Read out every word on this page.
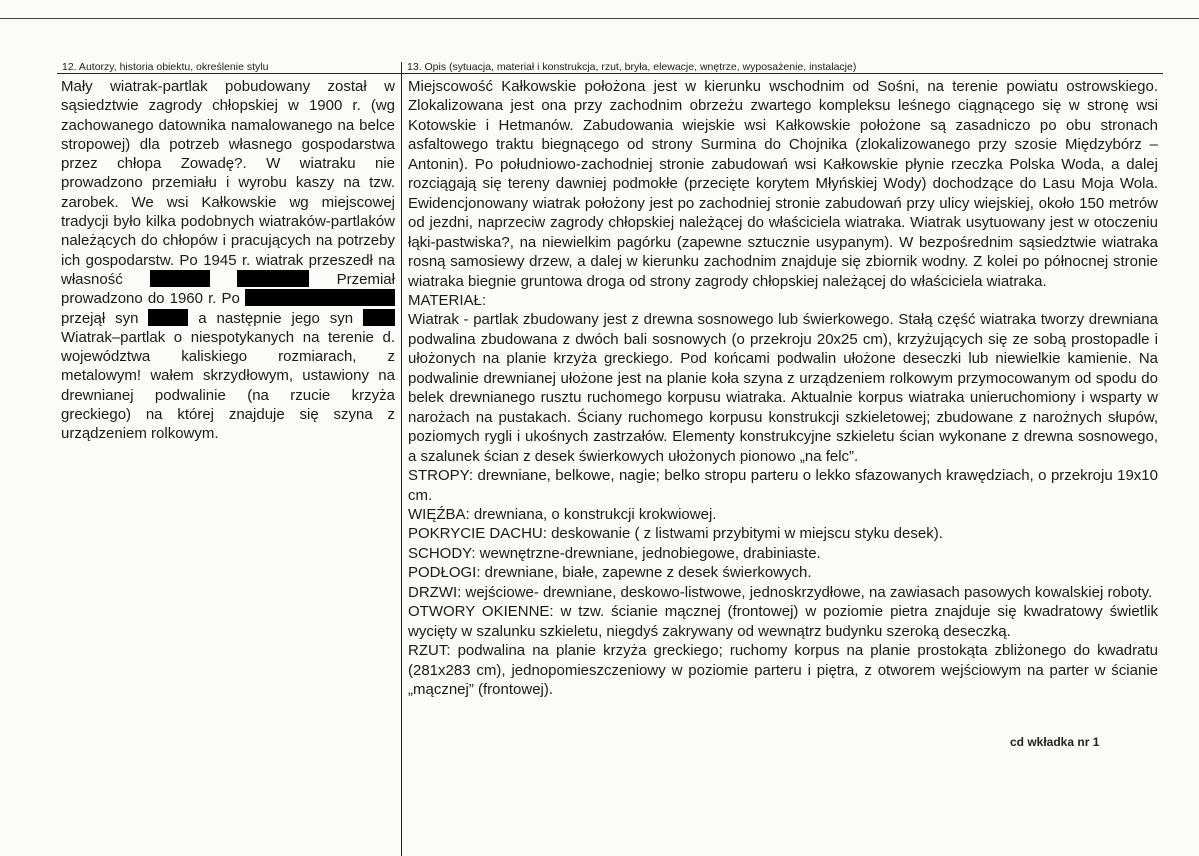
12. Autorzy, historia obiektu, określenie stylu	13. Opis (sytuacja, materiał i konstrukcja, rzut, bryła, elewacje, wnętrze, wyposażenie, instalacje)

Mały wiatrak-partlak pobudowany został w sąsiedztwie zagrody chłopskiej w 1900 r. (wg zachowanego datownika namalowanego na belce stropowej) dla potrzeb własnego gospodarstwa przez chłopa Zowadę?. W wiatraku nie prowadzono przemiału i wyrobu kaszy na tzw. zarobek. We wsi Kałkowskie wg miejscowej tradycji było kilka podobnych wiatraków-partlaków należących do chłopów i pracujących na potrzeby ich gospodarstw. Po 1945 r. wiatrak przeszedł na własność	Przemiał prowadzono do 1960 r. Po  przejął syn	a następnie jego syn  Wiatrak–partlak o niespotykanych na terenie d. województwa kaliskiego rozmiarach, z metalowym! wałem skrzydłowym, ustawiony na drewnianej podwalinie (na rzucie krzyża greckiego) na której znajduje się szyna z urządzeniem rolkowym.

Miejscowość Kałkowskie położona jest w kierunku wschodnim od Sośni, na terenie powiatu ostrowskiego. Zlokalizowana jest ona przy zachodnim obrzeżu zwartego kompleksu leśnego ciągnącego się w stronę wsi Kotowskie i Hetmanów. Zabudowania wiejskie wsi Kałkowskie położone są zasadniczo po obu stronach asfaltowego traktu biegnącego od strony Surmina do Chojnika (zlokalizowanego przy szosie Międzybórz – Antonin). Po południowo-zachodniej stronie zabudowań wsi Kałkowskie płynie rzeczka Polska Woda, a dalej rozciągają się tereny dawniej podmokłe (przecięte korytem Młyńskiej Wody) dochodzące do Lasu Moja Wola. Ewidencjonowany wiatrak położony jest po zachodniej stronie zabudowań przy ulicy wiejskiej, około 150 metrów od jezdni, naprzeciw zagrody chłopskiej należącej do właściciela wiatraka. Wiatrak usytuowany jest w otoczeniu łąki-pastwiska?, na niewielkim pagórku (zapewne sztucznie usypanym). W bezpośrednim sąsiedztwie wiatraka rosną samosiewy drzew, a dalej w kierunku zachodnim znajduje się zbiornik wodny. Z kolei po północnej stronie wiatraka biegnie gruntowa droga od strony zagrody chłopskiej należącej do właściciela wiatraka.

MATERIAŁ:

Wiatrak - partlak zbudowany jest z drewna sosnowego lub świerkowego. Stałą część wiatraka tworzy drewniana podwalina zbudowana z dwóch bali sosnowych (o przekroju 20x25 cm), krzyżujących się ze sobą prostopadle i ułożonych na planie krzyża greckiego. Pod końcami podwalin ułożone deseczki lub niewielkie kamienie. Na podwalinie drewnianej ułożone jest na planie koła szyna z urządzeniem rolkowym przymocowanym od spodu do belek drewnianego rusztu ruchomego korpusu wiatraka. Aktualnie korpus wiatraka unieruchomiony i wsparty w narożach na pustakach. Ściany ruchomego korpusu konstrukcji szkieletowej; zbudowane z narożnych słupów, poziomych rygli i ukośnych zastrzałów. Elementy konstrukcyjne szkieletu ścian wykonane z drewna sosnowego, a szalunek ścian z desek świerkowych ułożonych pionowo „na felc”.

STROPY: drewniane, belkowe, nagie; belko stropu parteru o lekko sfazowanych krawędziach, o przekroju 19x10 cm.

WIĘŹBA: drewniana, o konstrukcji krokwiowej.

POKRYCIE DACHU: deskowanie ( z listwami przybitymi w miejscu styku desek).

SCHODY: wewnętrzne-drewniane, jednobiegowe, drabiniaste.

PODŁOGI: drewniane, białe, zapewne z desek świerkowych.

DRZWI: wejściowe- drewniane, deskowo-listwowe, jednoskrzydłowe, na zawiasach pasowych kowalskiej roboty.

OTWORY OKIENNE: w tzw. ścianie mącznej (frontowej) w poziomie pietra znajduje się kwadratowy świetlik wycięty w szalunku szkieletu, niegdyś zakrywany od wewnątrz budynku szeroką deseczką.

RZUT: podwalina na planie krzyża greckiego; ruchomy korpus na planie prostokąta zbliżonego do kwadratu (281x283 cm), jednopomieszczeniowy w poziomie parteru i piętra, z otworem wejściowym na parter w ścianie „mącznej” (frontowej).

cd wkładka nr 1
